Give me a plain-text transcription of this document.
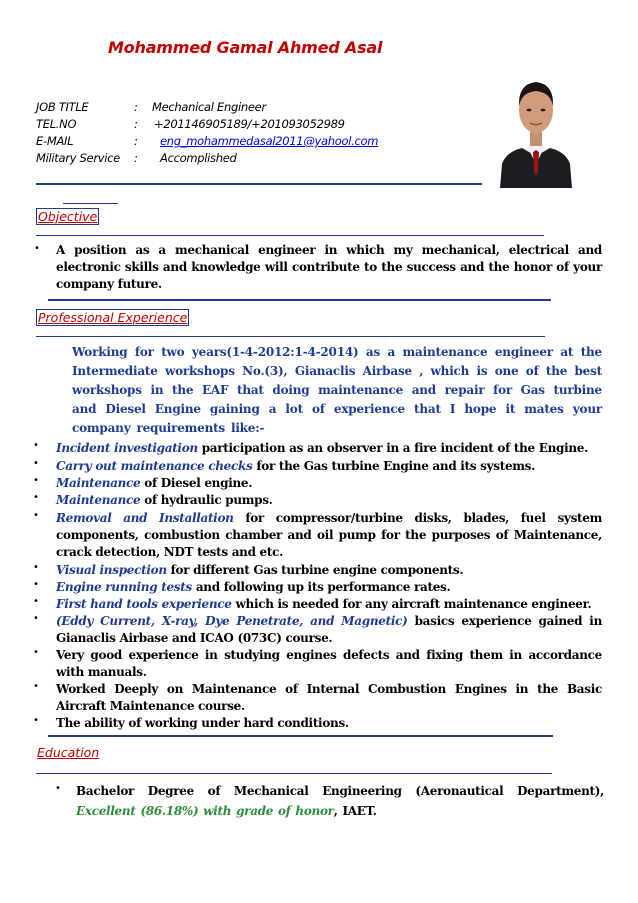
Mohammed Gamal Ahmed Asal
JOB TITLE	: Mechanical Engineer
TEL.NO	: +201146905189/+201093052989
E-MAIL	: eng_mohammedasal2011@yahool.com
Military Service : Accomplished
Objective
• A position as a mechanical engineer in which my mechanical, electrical and electronic skills and knowledge will contribute to the success and the honor of your company future.
Professional Experience
Working for two years(1-4-2012:1-4-2014) as a maintenance engineer at the Intermediate workshops No.(3), Gianaclis Airbase , which is one of the best workshops in the EAF that doing maintenance and repair for Gas turbine and Diesel Engine gaining a lot of experience that I hope it mates your company requirements like:-
• Incident investigation participation as an observer in a fire incident of the Engine.
• Carry out maintenance checks for the Gas turbine Engine and its systems.
• Maintenance of Diesel engine.
• Maintenance of hydraulic pumps.
• Removal and Installation for compressor/turbine disks, blades, fuel system components, combustion chamber and oil pump for the purposes of Maintenance, crack detection, NDT tests and etc.
• Visual inspection for different Gas turbine engine components.
• Engine running tests and following up its performance rates.
• First hand tools experience which is needed for any aircraft maintenance engineer.
• (Eddy Current, X-ray, Dye Penetrate, and Magnetic) basics experience gained in Gianaclis Airbase and ICAO (073C) course.
• Very good experience in studying engines defects and fixing them in accordance with manuals.
• Worked Deeply on Maintenance of Internal Combustion Engines in the Basic Aircraft Maintenance course.
• The ability of working under hard conditions.
Education
• Bachelor Degree of Mechanical Engineering (Aeronautical Department), Excellent (86.18%) with grade of honor, IAET.
